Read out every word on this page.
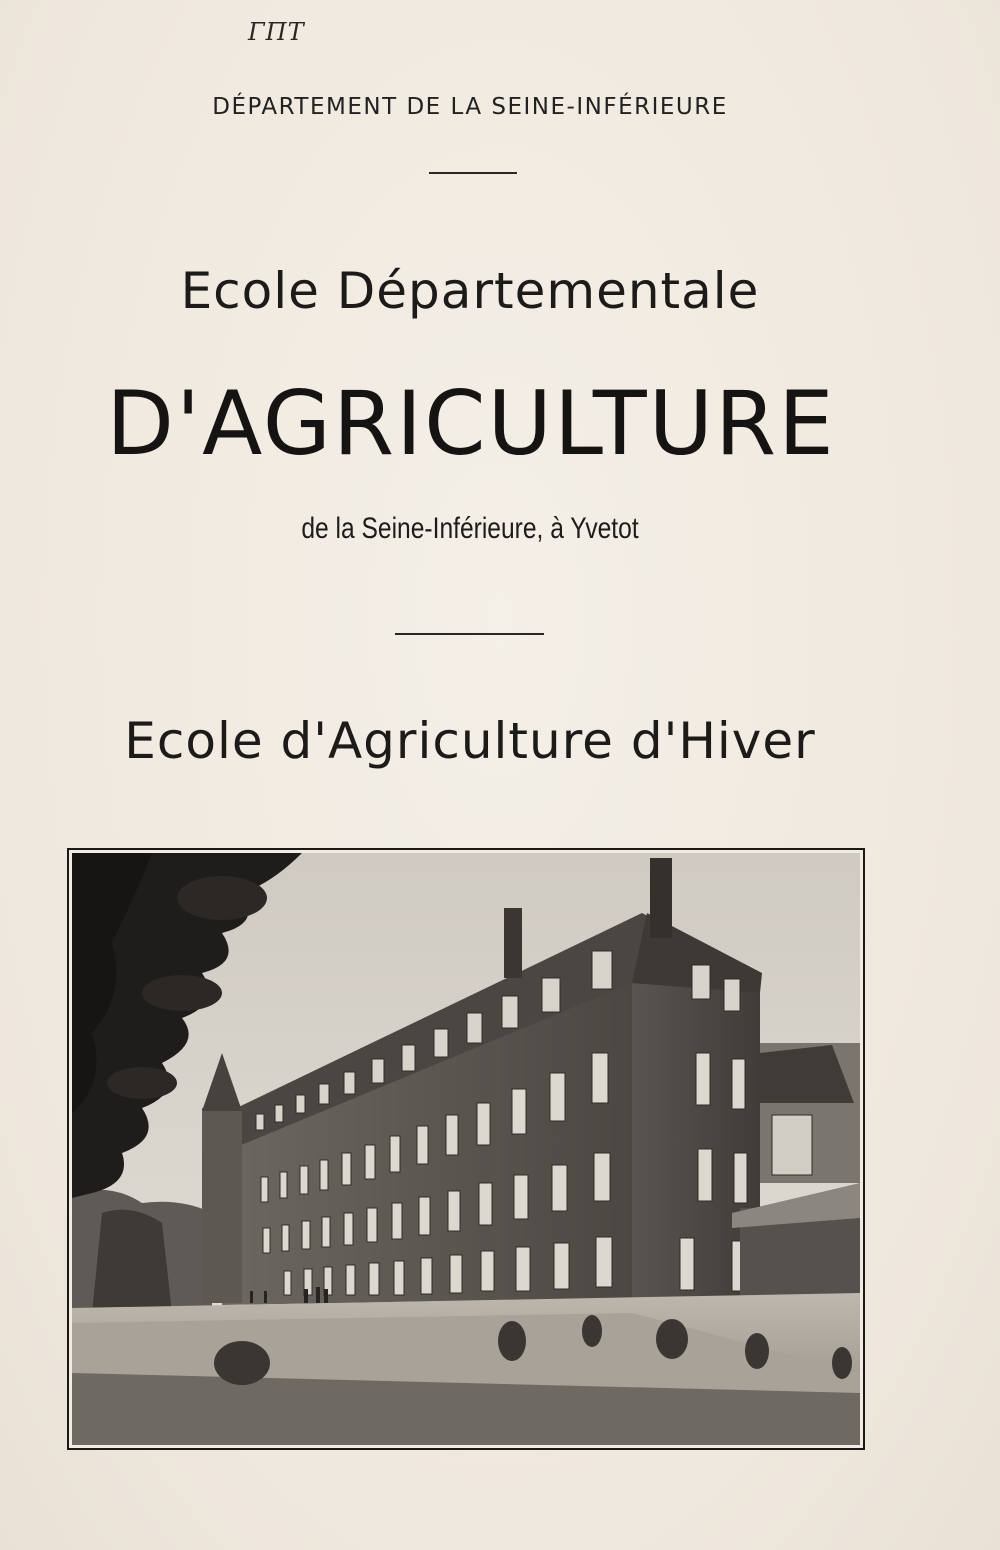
ΓΠΤ
DÉPARTEMENT DE LA SEINE-INFÉRIEURE
Ecole Départementale
D'AGRICULTURE
de la Seine-Inférieure, à Yvetot
Ecole d'Agriculture d'Hiver
